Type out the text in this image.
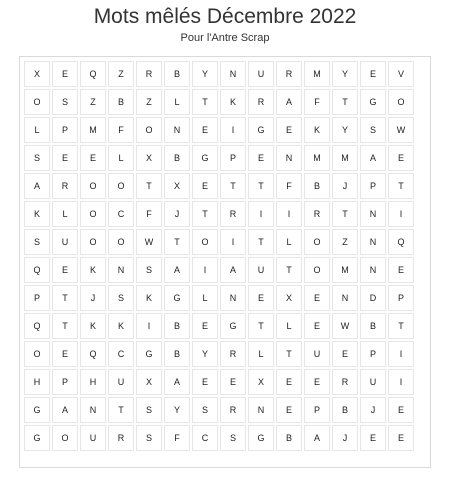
Mots mêlés Décembre 2022
Pour l'Antre Scrap
X	E	Q	Z	R	B	Y	N	U	R	M	Y	E	V
O	S	Z	B	Z	L	T	K	R	A	F	T	G	O
L	P	M	F	O	N	E	I	G	E	K	Y	S	W
S	E	E	L	X	B	G	P	E	N	M	M	A	E
A	R	O	O	T	X	E	T	T	F	B	J	P	T
K	L	O	C	F	J	T	R	I	I	R	T	N	I
S	U	O	O	W	T	O	I	T	L	O	Z	N	Q
Q	E	K	N	S	A	I	A	U	T	O	M	N	E
P	T	J	S	K	G	L	N	E	X	E	N	D	P
Q	T	K	K	I	B	E	G	T	L	E	W	B	T
O	E	Q	C	G	B	Y	R	L	T	U	E	P	I
H	P	H	U	X	A	E	E	X	E	E	R	U	I
G	A	N	T	S	Y	S	R	N	E	P	B	J	E
G	O	U	R	S	F	C	S	G	B	A	J	E	E
